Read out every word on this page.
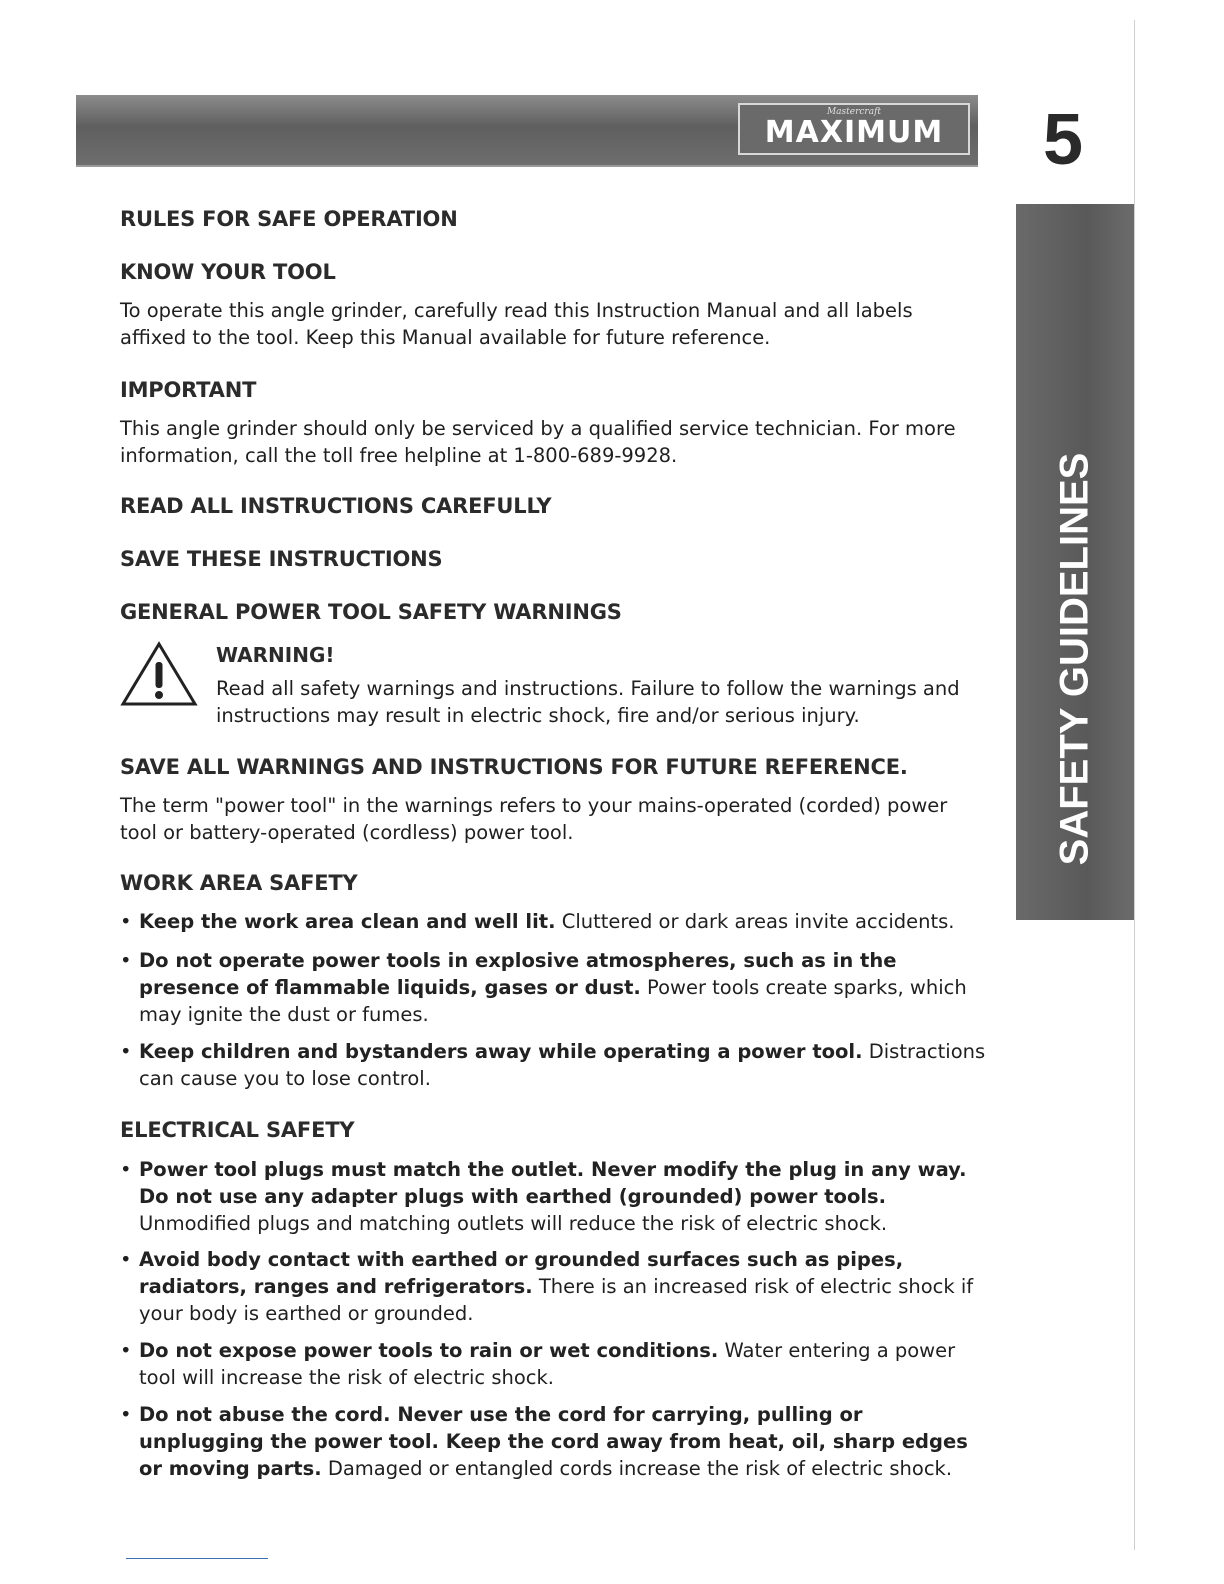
Mastercraft
MAXIMUM	5
SAFETY GUIDELINES
RULES FOR SAFE OPERATION
KNOW YOUR TOOL
To operate this angle grinder, carefully read this Instruction Manual and all labels affixed to the tool. Keep this Manual available for future reference.
IMPORTANT
This angle grinder should only be serviced by a qualified service technician. For more information, call the toll free helpline at 1-800-689-9928.
READ ALL INSTRUCTIONS CAREFULLY
SAVE THESE INSTRUCTIONS
GENERAL POWER TOOL SAFETY WARNINGS
SAVE ALL WARNINGS AND INSTRUCTIONS FOR FUTURE REFERENCE.
The term "power tool" in the warnings refers to your mains-operated (corded) power tool or battery-operated (cordless) power tool.
WORK AREA SAFETY
• Keep the work area clean and well lit. Cluttered or dark areas invite accidents.
• Do not operate power tools in explosive atmospheres, such as in the presence of flammable liquids, gases or dust. Power tools create sparks, which may ignite the dust or fumes.
• Keep children and bystanders away while operating a power tool. Distractions can cause you to lose control.
ELECTRICAL SAFETY
• Power tool plugs must match the outlet. Never modify the plug in any way. Do not use any adapter plugs with earthed (grounded) power tools. Unmodified plugs and matching outlets will reduce the risk of electric shock.
• Avoid body contact with earthed or grounded surfaces such as pipes, radiators, ranges and refrigerators. There is an increased risk of electric shock if your body is earthed or grounded.
• Do not expose power tools to rain or wet conditions. Water entering a power tool will increase the risk of electric shock.
• Do not abuse the cord. Never use the cord for carrying, pulling or unplugging the power tool. Keep the cord away from heat, oil, sharp edges or moving parts. Damaged or entangled cords increase the risk of electric shock.
WARNING!
Read all safety warnings and instructions. Failure to follow the warnings and instructions may result in electric shock, fire and/or serious injury.
